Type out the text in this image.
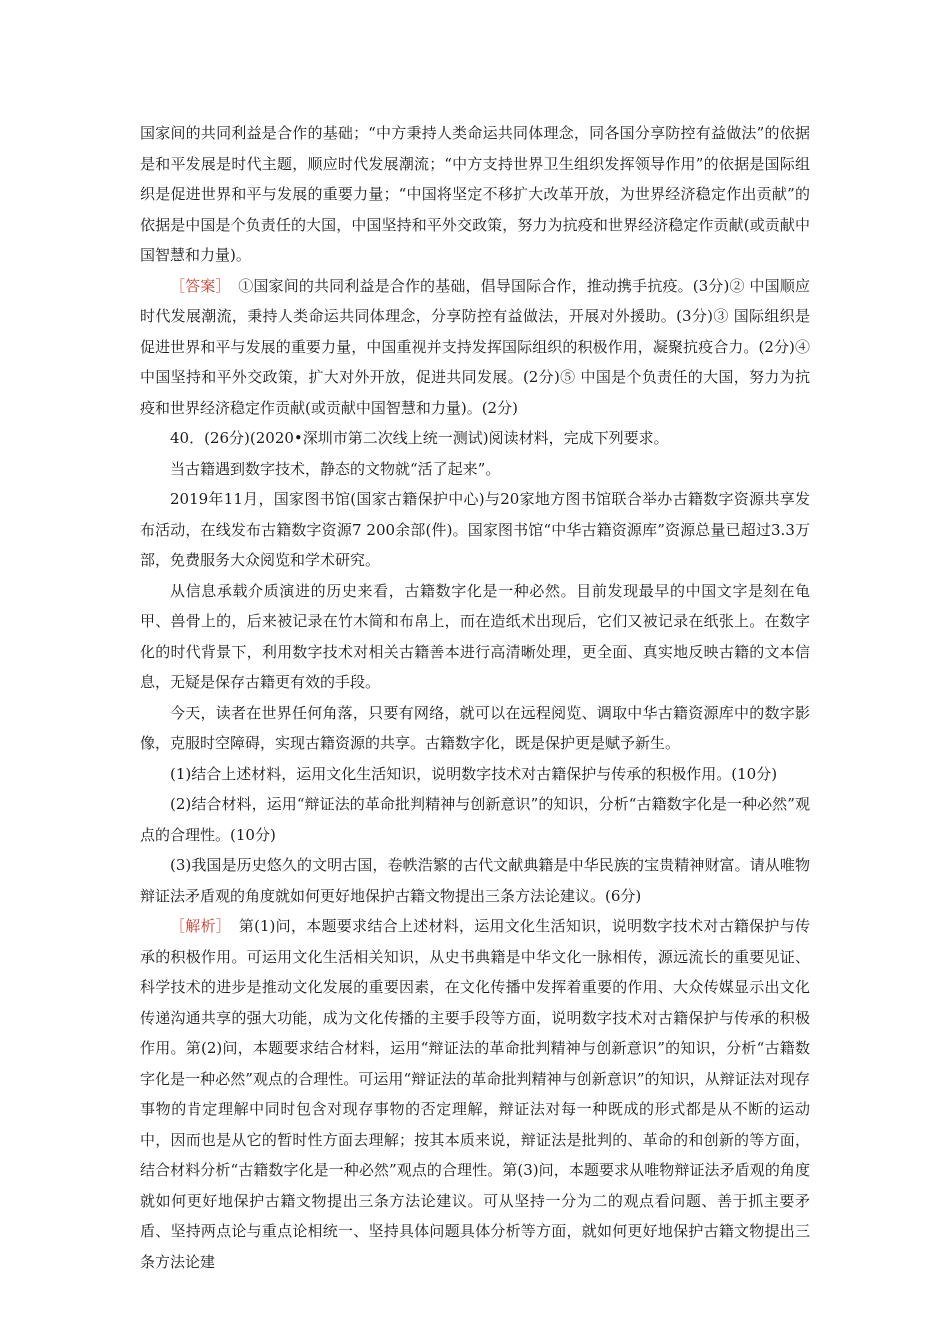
国家间的共同利益是合作的基础；“中方秉持人类命运共同体理念，同各国分享防控有益做法”的依据是和平发展是时代主题，顺应时代发展潮流；“中方支持世界卫生组织发挥领导作用”的依据是国际组织是促进世界和平与发展的重要力量；“中国将坚定不移扩大改革开放，为世界经济稳定作出贡献”的依据是中国是个负责任的大国，中国坚持和平外交政策，努力为抗疫和世界经济稳定作贡献(或贡献中国智慧和力量)。

［答案］　①国家间的共同利益是合作的基础，倡导国际合作，推动携手抗疫。(3分)② 中国顺应时代发展潮流，秉持人类命运共同体理念，分享防控有益做法，开展对外援助。(3分)③ 国际组织是促进世界和平与发展的重要力量，中国重视并支持发挥国际组织的积极作用，凝聚抗疫合力。(2分)④ 中国坚持和平外交政策，扩大对外开放，促进共同发展。(2分)⑤ 中国是个负责任的大国，努力为抗疫和世界经济稳定作贡献(或贡献中国智慧和力量)。(2分)

40．(26分)(2020•深圳市第二次线上统一测试)阅读材料，完成下列要求。

当古籍遇到数字技术，静态的文物就“活了起来”。

2019年11月，国家图书馆(国家古籍保护中心)与20家地方图书馆联合举办古籍数字资源共享发布活动，在线发布古籍数字资源7 200余部(件)。国家图书馆“中华古籍资源库”资源总量已超过3.3万部，免费服务大众阅览和学术研究。

从信息承载介质演进的历史来看，古籍数字化是一种必然。目前发现最早的中国文字是刻在龟甲、兽骨上的，后来被记录在竹木简和布帛上，而在造纸术出现后，它们又被记录在纸张上。在数字化的时代背景下，利用数字技术对相关古籍善本进行高清晰处理，更全面、真实地反映古籍的文本信息，无疑是保存古籍更有效的手段。

今天，读者在世界任何角落，只要有网络，就可以在远程阅览、调取中华古籍资源库中的数字影像，克服时空障碍，实现古籍资源的共享。古籍数字化，既是保护更是赋予新生。

(1)结合上述材料，运用文化生活知识，说明数字技术对古籍保护与传承的积极作用。(10分)

(2)结合材料，运用“辩证法的革命批判精神与创新意识”的知识，分析“古籍数字化是一种必然”观点的合理性。(10分)

(3)我国是历史悠久的文明古国，卷帙浩繁的古代文献典籍是中华民族的宝贵精神财富。请从唯物辩证法矛盾观的角度就如何更好地保护古籍文物提出三条方法论建议。(6分)

［解析］　第(1)问，本题要求结合上述材料，运用文化生活知识，说明数字技术对古籍保护与传承的积极作用。可运用文化生活相关知识，从史书典籍是中华文化一脉相传，源远流长的重要见证、科学技术的进步是推动文化发展的重要因素，在文化传播中发挥着重要的作用、大众传媒显示出文化传递沟通共享的强大功能，成为文化传播的主要手段等方面，说明数字技术对古籍保护与传承的积极作用。第(2)问，本题要求结合材料，运用“辩证法的革命批判精神与创新意识”的知识，分析“古籍数字化是一种必然”观点的合理性。可运用“辩证法的革命批判精神与创新意识”的知识，从辩证法对现存事物的肯定理解中同时包含对现存事物的否定理解，辩证法对每一种既成的形式都是从不断的运动中，因而也是从它的暂时性方面去理解；按其本质来说，辩证法是批判的、革命的和创新的等方面，结合材料分析“古籍数字化是一种必然”观点的合理性。第(3)问，本题要求从唯物辩证法矛盾观的角度就如何更好地保护古籍文物提出三条方法论建议。可从坚持一分为二的观点看问题、善于抓主要矛盾、坚持两点论与重点论相统一、坚持具体问题具体分析等方面，就如何更好地保护古籍文物提出三条方法论建
